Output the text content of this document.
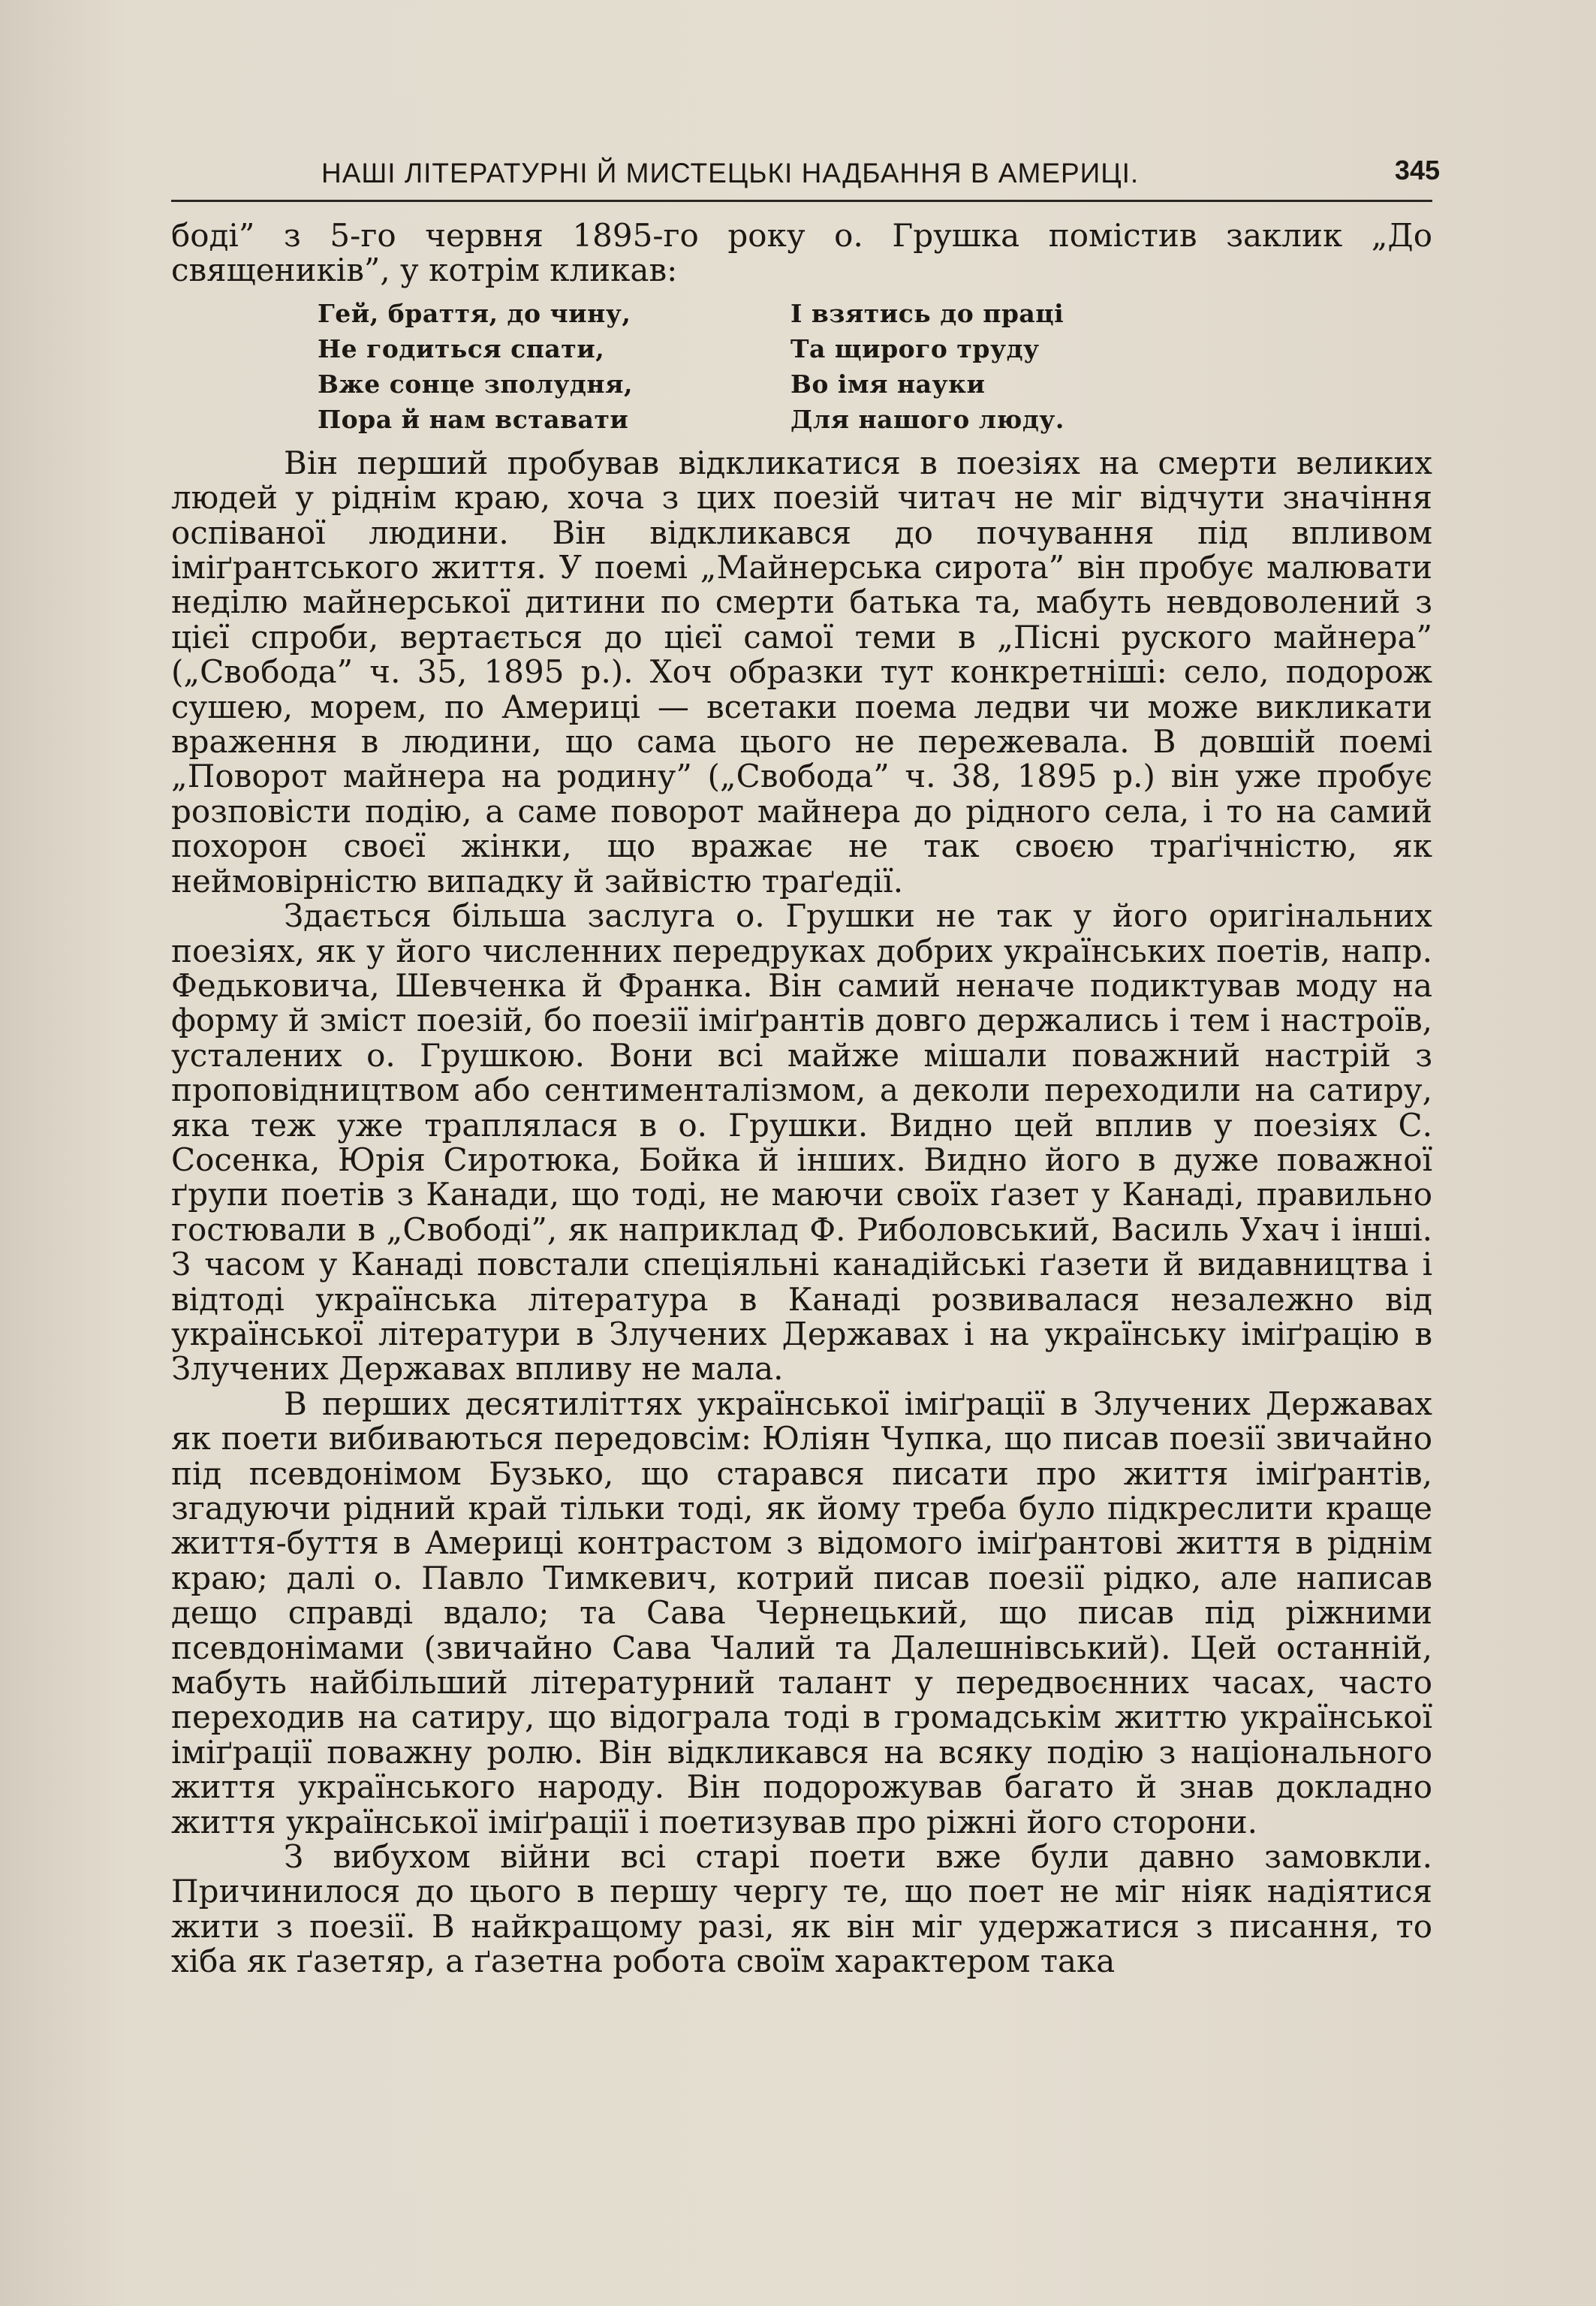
НАШІ ЛІТЕРАТУРНІ Й МИСТЕЦЬКІ НАДБАННЯ В АМЕРИЦІ.	345

боді” з 5-го червня 1895-го року о. Грушка помістив заклик „До священиків”, у котрім кликав:

Гей, браття, до чину,
Не годиться спати,
Вже сонце зполудня,
Пора й нам вставати
І взятись до праці
Та щирого труду
Во імя науки
Для нашого люду.

Він перший пробував відкликатися в поезіях на смерти великих людей у ріднім краю, хоча з цих поезій читач не міг відчути значіння оспіваної людини. Він відкликався до почування під впливом іміґрантського життя. У поемі „Майнерська сирота” він пробує малювати неділю майнерської дитини по смерти батька та, мабуть невдоволений з цієї спроби, вертається до цієї самої теми в „Пісні руского майнера” („Свобода” ч. 35, 1895 р.). Хоч образки тут конкретніші: село, подорож сушею, морем, по Америці — всетаки поема ледви чи може викликати враження в людини, що сама цього не пережевала. В довшій поемі „Поворот майнера на родину” („Свобода” ч. 38, 1895 р.) він уже пробує розповісти подію, а саме поворот майнера до рідного села, і то на самий похорон своєї жінки, що вражає не так своєю траґічністю, як неймовірністю випадку й зайвістю траґедії.

Здається більша заслуга о. Грушки не так у його оригінальних поезіях, як у його численних передруках добрих українських поетів, напр. Федьковича, Шевченка й Франка. Він самий неначе подиктував моду на форму й зміст поезій, бо поезії іміґрантів довго держались і тем і настроїв, усталених о. Грушкою. Вони всі майже мішали поважний настрій з проповідництвом або сентименталізмом, а деколи переходили на сатиру, яка теж уже траплялася в о. Грушки. Видно цей вплив у поезіях С. Сосенка, Юрія Сиротюка, Бойка й інших. Видно його в дуже поважної ґрупи поетів з Канади, що тоді, не маючи своїх ґазет у Канаді, правильно гостювали в „Свободі”, як наприклад Ф. Риболовський, Василь Ухач і інші. З часом у Канаді повстали спеціяльні канадійські ґазети й видавництва і відтоді українська література в Канаді розвивалася незалежно від української літератури в Злучених Державах і на українську іміґрацію в Злучених Державах впливу не мала.

В перших десятиліттях української іміґрації в Злучених Державах як поети вибиваються передовсім: Юліян Чупка, що писав поезії звичайно під псевдонімом Бузько, що старався писати про життя іміґрантів, згадуючи рідний край тільки тоді, як йому треба було підкреслити краще життя-буття в Америці контрастом з відомого іміґрантові життя в ріднім краю; далі о. Павло Тимкевич, котрий писав поезії рідко, але написав дещо справді вдало; та Сава Чернецький, що писав під ріжними псевдонімами (звичайно Сава Чалий та Далешнівський). Цей останній, мабуть найбільший літературний талант у передвоєнних часах, часто переходив на сатиру, що відограла тоді в громадськім життю української іміґрації поважну ролю. Він відкликався на всяку подію з національного життя українського народу. Він подорожував багато й знав докладно життя української іміґрації і поетизував про ріжні його сторони.

З вибухом війни всі старі поети вже були давно замовкли. Причинилося до цього в першу чергу те, що поет не міг ніяк надіятися жити з поезії. В найкращому разі, як він міг удержатися з писання, то хіба як ґазетяр, а ґазетна робота своїм характером така
